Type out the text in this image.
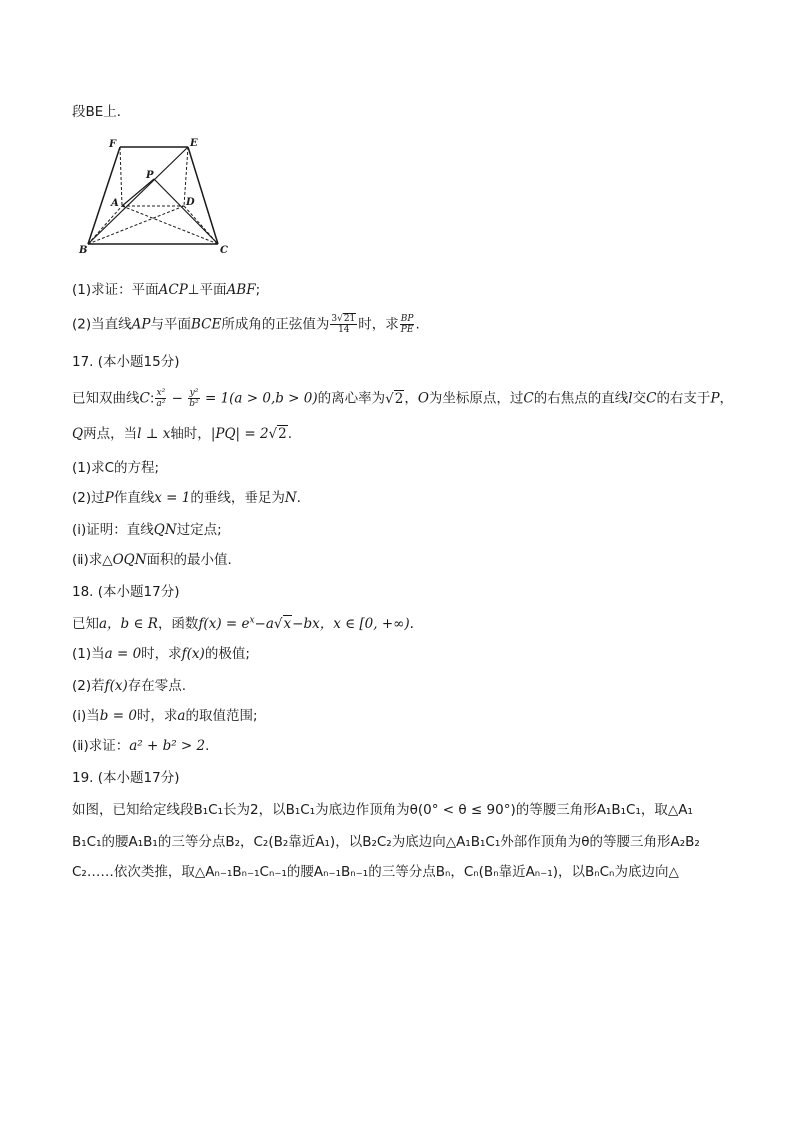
段BE上．
F	E
P
A	D
B	C
(1)求证：平面ACP⊥平面ABF;
(2)当直线AP与平面BCE所成角的正弦值为 $\frac{3√21}{14}$ 时，求 $\frac{BP}{PE}$ .
17. (本小题15分)
已知双曲线C: $\frac{\text{x²}}{\text{a²}} - \frac{\text{y²}}{\text{b²}} = 1(a > 0,b > 0)$的离心率为√2，O为坐标原点，过C的右焦点的直线l交C的右支于P，
Q两点，当l ⊥ x轴时，|PQ| = 2√2.
(1)求C的方程;
(2)过P作直线x = 1的垂线，垂足为N.
(ⅰ)证明：直线QN过定点;
(ⅱ)求△OQN面积的最小值.
18. (本小题17分)
已知a，b ∈ R，函数$f(x) = e^x-a√x-bx$，x ∈ [0, +∞).
(1)当a = 0时，求f(x)的极值;
(2)若f(x)存在零点.
(ⅰ)当b = 0时，求a的取值范围;
(ⅱ)求证：a² + b² > 2.
19. (本小题17分)
如图，已知给定线段B₁C₁长为2，以B₁C₁为底边作顶角为θ(0° < θ ≤ 90°)的等腰三角形A₁B₁C₁，取△A₁
B₁C₁的腰A₁B₁的三等分点B₂，C₂(B₂靠近A₁)，以B₂C₂为底边向△A₁B₁C₁外部作顶角为θ的等腰三角形A₂B₂
C₂……依次类推，取△Aₙ₋₁Bₙ₋₁Cₙ₋₁的腰Aₙ₋₁Bₙ₋₁的三等分点Bₙ，Cₙ(Bₙ靠近Aₙ₋₁)，以BₙCₙ为底边向△
